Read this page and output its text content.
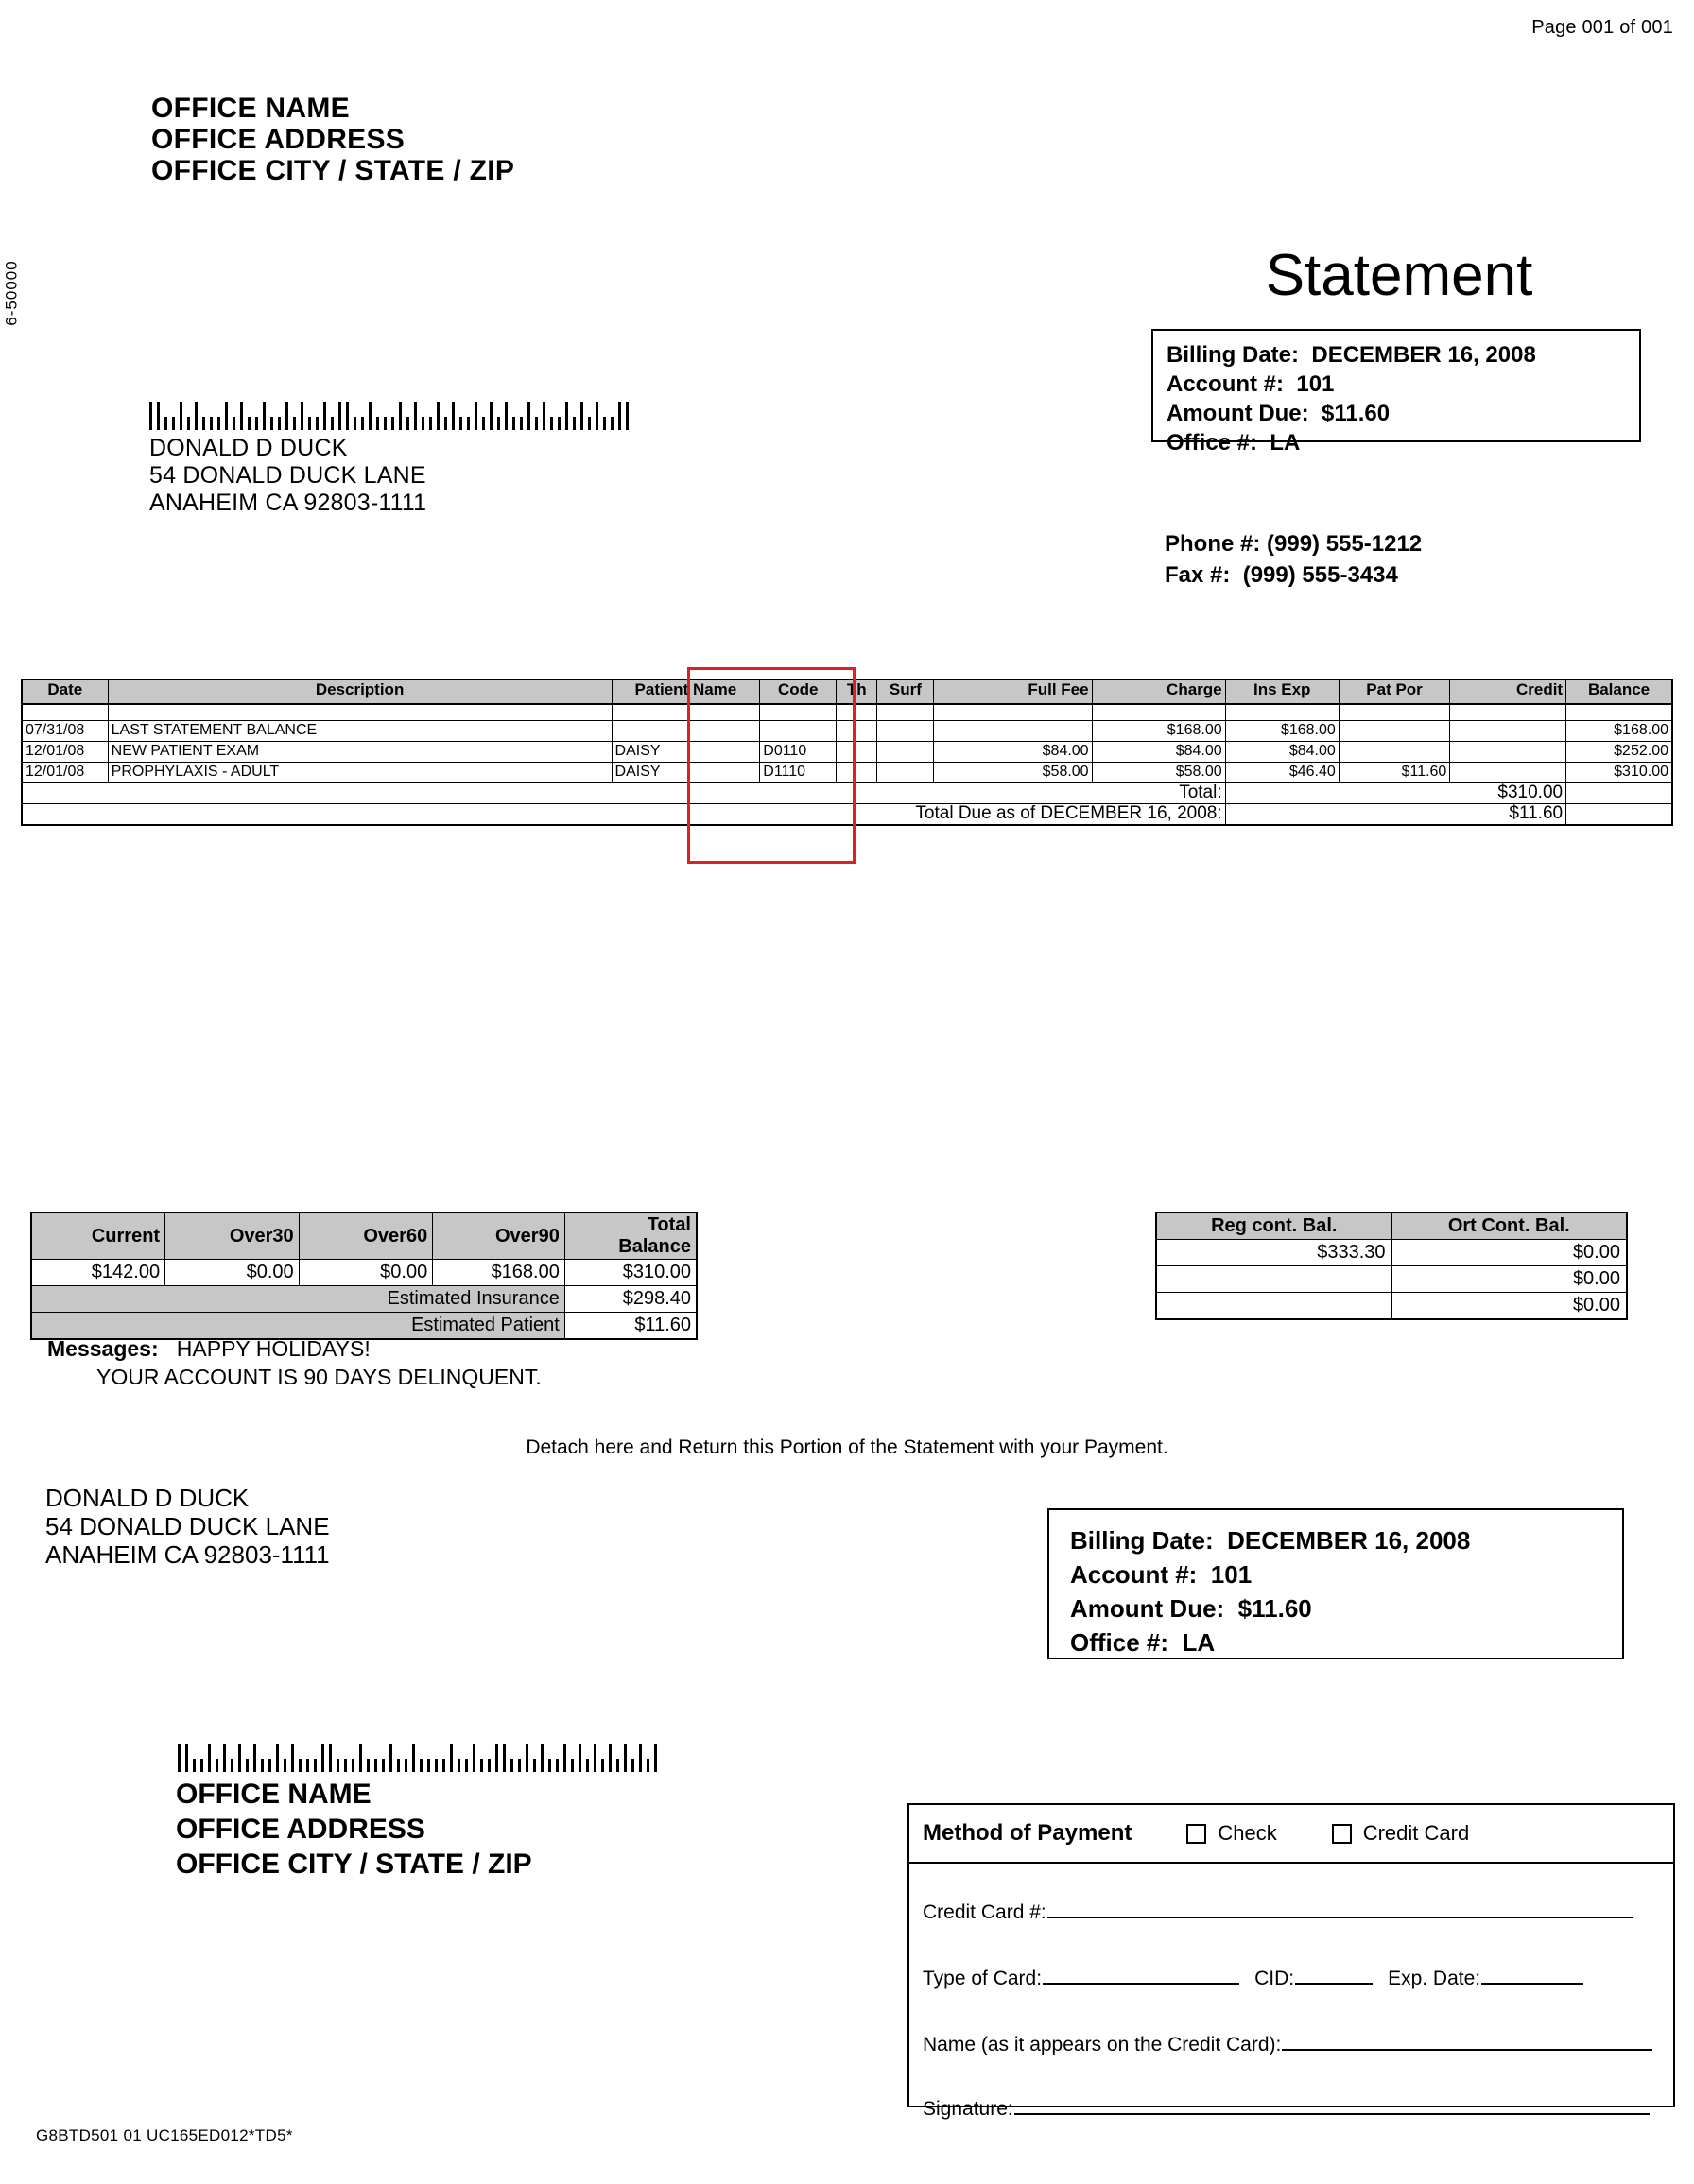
Page 001 of 001
OFFICE NAME
OFFICE ADDRESS
OFFICE CITY / STATE / ZIP
6-50000
DONALD D DUCK
54 DONALD DUCK LANE
ANAHEIM CA 92803-1111
Statement
Billing Date: DECEMBER 16, 2008
Account #: 101
Amount Due: $11.60
Office #: LA
Phone #: (999) 555-1212
Fax #: (999) 555-3434
Date	Description	Patient Name	Code	Th	Surf	Full Fee	Charge	Ins Exp	Pat Por	Credit	Balance

07/31/08	LAST STATEMENT BALANCE						$168.00	$168.00			$168.00
12/01/08	NEW PATIENT EXAM	DAISY	D0110			$84.00	$84.00	$84.00			$252.00
12/01/08	PROPHYLAXIS - ADULT	DAISY	D1110			$58.00	$58.00	$46.40	$11.60		$310.00
Total:								$310.00			
Total Due as of DECEMBER 16, 2008:								$11.60			
Current	Over30	Over60	Over90	Total Balance
$142.00	$0.00	$0.00	$168.00	$310.00
Estimated Insurance				$298.40
Estimated Patient				$11.60
Reg cont. Bal.	Ort Cont. Bal.
$333.30	$0.00
	$0.00
	$0.00
Messages: HAPPY HOLIDAYS!
YOUR ACCOUNT IS 90 DAYS DELINQUENT.
Detach here and Return this Portion of the Statement with your Payment.
DONALD D DUCK
54 DONALD DUCK LANE
ANAHEIM CA 92803-1111	Billing Date: DECEMBER 16, 2008
Account #: 101
Amount Due: $11.60
Office #: LA
OFFICE NAME
OFFICE ADDRESS
OFFICE CITY / STATE / ZIP
Method of Payment	Check	Credit Card
Credit Card #:
Type of Card:	CID:	Exp. Date:
Name (as it appears on the Credit Card):
Signature:
G8BTD501 01 UC165ED012*TD5*
